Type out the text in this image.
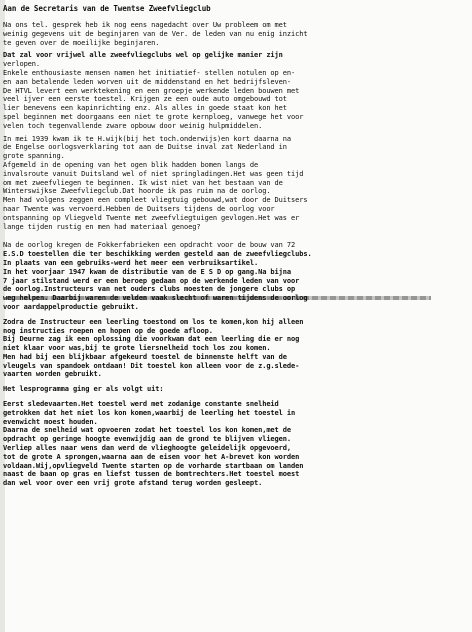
Aan de Secretaris van de Twentse Zweefvliegclub
Na ons tel. gesprek heb ik nog eens nagedacht over Uw probleem om met
weinig gegevens uit de beginjaren van de Ver. de leden van nu enig inzicht
te geven over de moeilijke beginjaren.
Dat zal voor vrijwel alle zweefvliegclubs wel op gelijke manier zijn
verlopen.
Enkele enthousiaste mensen namen het initiatief- stellen notulen op en-
en aan betalende leden worven uit de middenstand en het bedrijfsleven-
De HTVL levert een werktekening en een groepje werkende leden bouwen met
veel ijver een eerste toestel. Krijgen ze een oude auto omgebouwd tot
lier benevens een kapinrichting enz. Als alles in goede staat kon het
spel beginnen met doorgaans een niet te grote kernploeg, vanwege het voor
velen toch tegenvallende zware opbouw door weinig hulpmiddelen.
In mei 1939 kwam ik te H.wijk(bij het toch.onderwijs)en kort daarna na
de Engelse oorlogsverklaring tot aan de Duitse inval zat Nederland in
grote spanning.
Afgemeld in de opening van het ogen blik hadden bomen langs de
invalsroute vanuit Duitsland wel of niet springladingen.Het was geen tijd
om met zweefvliegen te beginnen. Ik wist niet van het bestaan van de
Winterswijkse Zweefvliegclub.Dat hoorde ik pas ruim na de oorlog.
Men had volgens zeggen een compleet vliegtuig gebouwd,wat door de Duitsers
naar Twente was vervoerd.Hebben de Duitsers tijdens de oorlog voor
ontspanning op Vliegveld Twente met zweefvliegtuigen gevlogen.Het was er
lange tijden rustig en men had materiaal genoeg?
Na de oorlog kregen de Fokkerfabrieken een opdracht voor de bouw van 72
E.S.D toestellen die ter beschikking werden gesteld aan de zweefvliegclubs.
In plaats van een gebruiks-werd het meer een verbruiksartikel.
In het voorjaar 1947 kwam de distributie van de E S D op gang.Na bijna
7 jaar stilstand werd er een beroep gedaan op de werkende leden van voor
de oorlog.Instructeurs van net ouders clubs moesten de jongere clubs op
weg helpen. Daarbij waren de velden vaak slecht of waren tijdens de oorlog
voor aardappelproductie gebruikt.
Zodra de Instructeur een leerling toestond om los te komen,kon hij alleen
nog instructies roepen en hopen op de goede afloop.
Bij Deurne zag ik een oplossing die voorkwam dat een leerling die er nog
niet klaar voor was,bij te grote liersnelheid toch los zou komen.
Men had bij een blijkbaar afgekeurd toestel de binnenste helft van de
vleugels van spandoek ontdaan! Dit toestel kon alleen voor de z.g.slede-
vaarten worden gebruikt.
Het lesprogramma ging er als volgt uit:
Eerst sledevaarten.Het toestel werd met zodanige constante snelheid
getrokken dat het niet los kon komen,waarbij de leerling het toestel in
evenwicht moest houden.
Daarna de snelheid wat opvoeren zodat het toestel los kon komen,met de
opdracht op geringe hoogte evenwijdig aan de grond te blijven vliegen.
Verliep alles naar wens dan werd de vlieghoogte geleidelijk opgevoerd,
tot de grote A sprongen,waarna aan de eisen voor het A-brevet kon worden
voldaan.Wij,opvliegveld Twente starten op de vorharde startbaan om landen
naast de baan op gras en liefst tussen de bomtrechters.Het toestel moest
dan wel voor over een vrij grote afstand terug worden gesleept.
